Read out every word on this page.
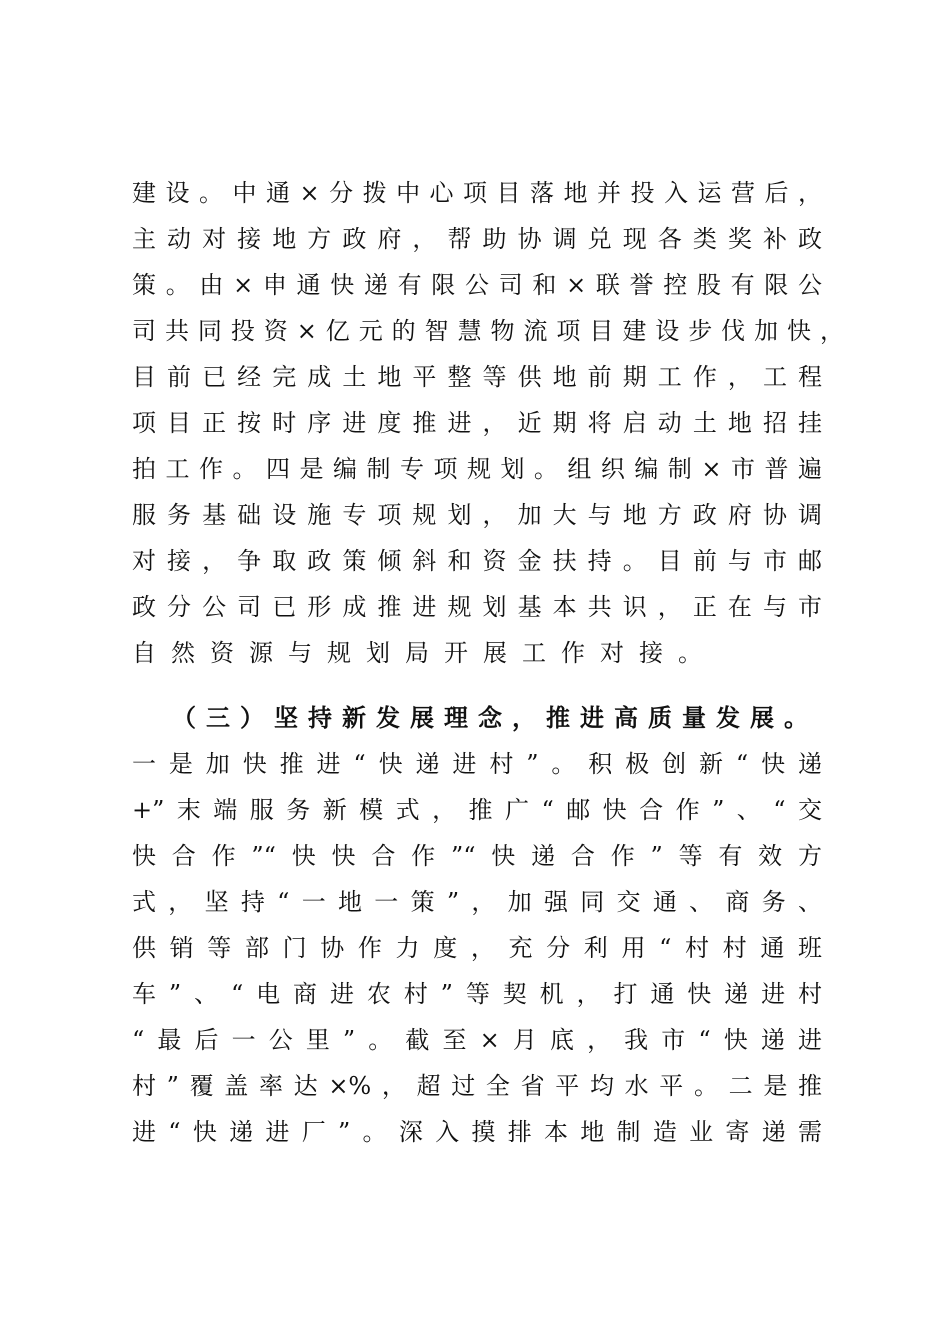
建设。中通×分拨中心项目落地并投入运营后，
主动对接地方政府，帮助协调兑现各类奖补政
策。由×申通快递有限公司和×联誉控股有限公
司共同投资×亿元的智慧物流项目建设步伐加快，
目前已经完成土地平整等供地前期工作，工程
项目正按时序进度推进，近期将启动土地招挂
拍工作。四是编制专项规划。组织编制×市普遍
服务基础设施专项规划，加大与地方政府协调
对接，争取政策倾斜和资金扶持。目前与市邮
政分公司已形成推进规划基本共识，正在与市
自然资源与规划局开展工作对接。
（三）坚持新发展理念，推进高质量发展。
一是加快推进“快递进村”。积极创新“快递
+”末端服务新模式，推广“邮快合作”、“交
快合作”“快快合作”“快递合作”等有效方
式，坚持“一地一策”，加强同交通、商务、
供销等部门协作力度，充分利用“村村通班
车”、“电商进农村”等契机，打通快递进村
“最后一公里”。截至×月底，我市“快递进
村”覆盖率达×%，超过全省平均水平。二是推
进“快递进厂”。深入摸排本地制造业寄递需
